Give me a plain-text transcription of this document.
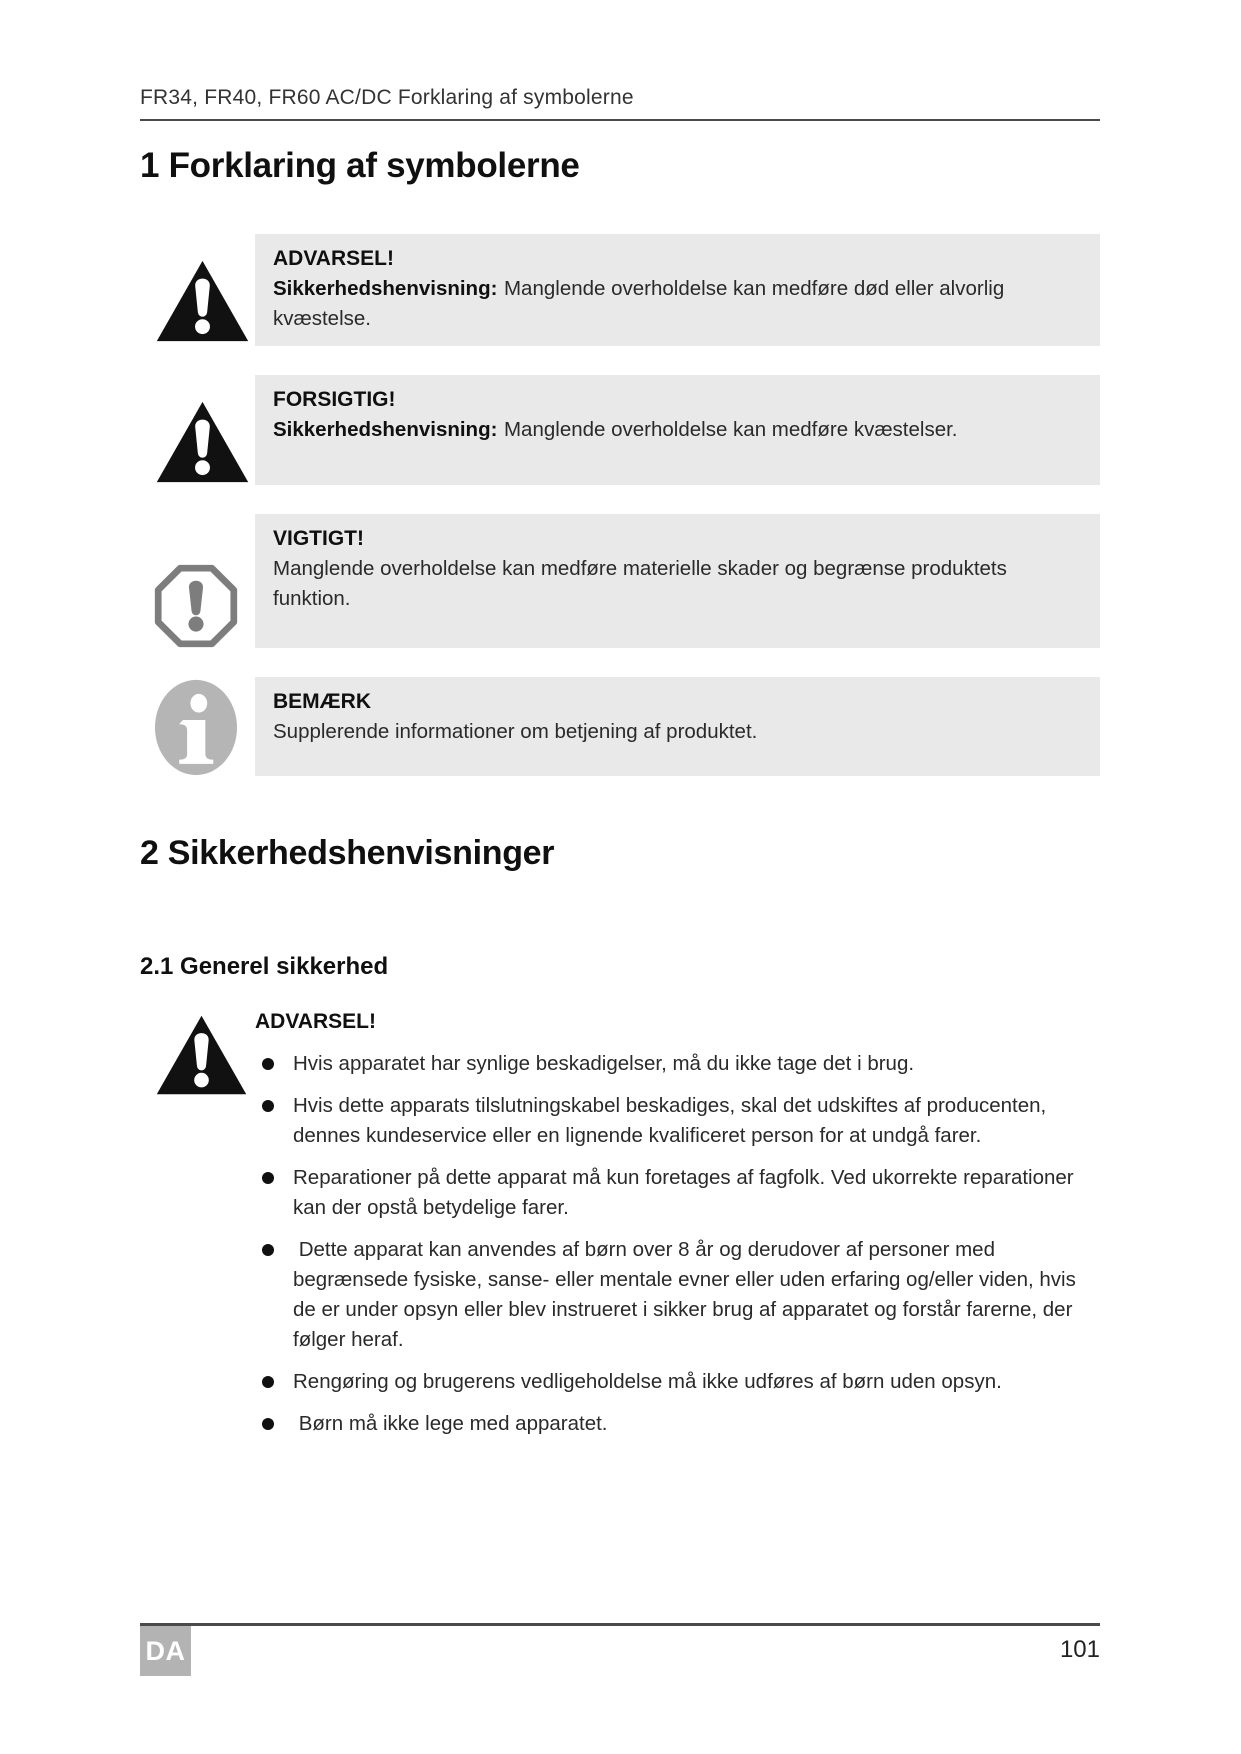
FR34, FR40, FR60 AC/DC Forklaring af symbolerne
1 Forklaring af symbolerne
ADVARSEL!
Sikkerhedshenvisning: Manglende overholdelse kan medføre død eller alvorlig kvæstelse.
FORSIGTIG!
Sikkerhedshenvisning: Manglende overholdelse kan medføre kvæstelser.
VIGTIGT!
Manglende overholdelse kan medføre materielle skader og begrænse produktets funktion.
BEMÆRK
Supplerende informationer om betjening af produktet.
2 Sikkerhedshenvisninger
2.1 Generel sikkerhed
ADVARSEL!
Hvis apparatet har synlige beskadigelser, må du ikke tage det i brug.
Hvis dette apparats tilslutningskabel beskadiges, skal det udskiftes af producenten, dennes kundeservice eller en lignende kvalificeret person for at undgå farer.
Reparationer på dette apparat må kun foretages af fagfolk. Ved ukorrekte reparationer kan der opstå betydelige farer.
Dette apparat kan anvendes af børn over 8 år og derudover af personer med begrænsede fysiske, sanse- eller mentale evner eller uden erfaring og/eller viden, hvis de er under opsyn eller blev instrueret i sikker brug af apparatet og forstår farerne, der følger heraf.
Rengøring og brugerens vedligeholdelse må ikke udføres af børn uden opsyn.
Børn må ikke lege med apparatet.
DA	101
